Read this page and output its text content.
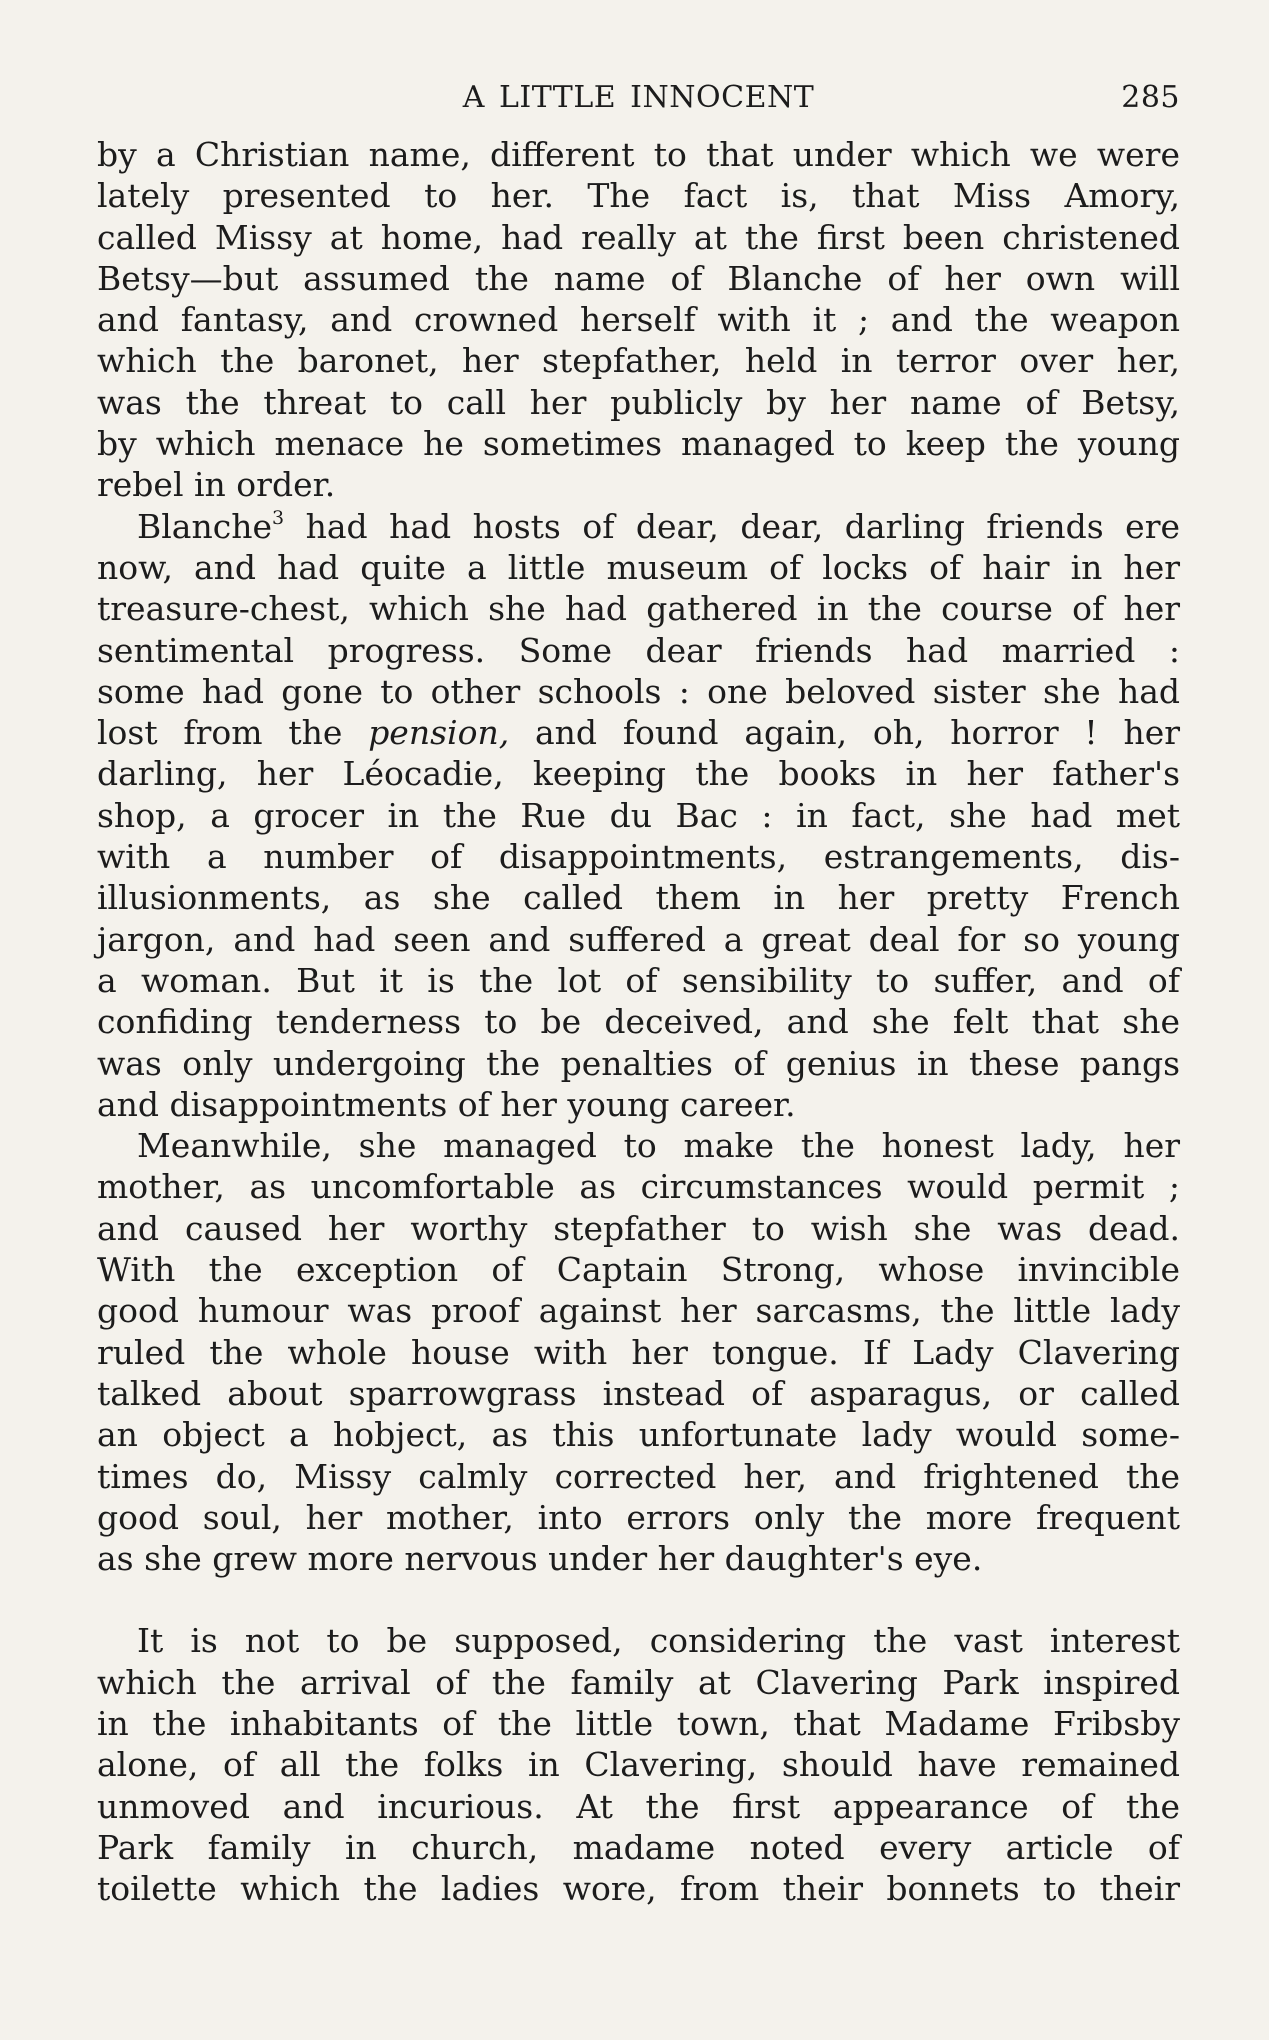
A LITTLE INNOCENT	285
by a Christian name, different to that under which we were
lately presented to her. The fact is, that Miss Amory,
called Missy at home, had really at the first been christened
Betsy—but assumed the name of Blanche of her own will
and fantasy, and crowned herself with it ; and the weapon
which the baronet, her stepfather, held in terror over her,
was the threat to call her publicly by her name of Betsy,
by which menace he sometimes managed to keep the young
rebel in order.
Blanche$^3$ had had hosts of dear, dear, darling friends ere
now, and had quite a little museum of locks of hair in her
treasure-chest, which she had gathered in the course of her
sentimental progress. Some dear friends had married :
some had gone to other schools : one beloved sister she had
lost from the pension, and found again, oh, horror ! her
darling, her Léocadie, keeping the books in her father's
shop, a grocer in the Rue du Bac : in fact, she had met
with a number of disappointments, estrangements, dis-
illusionments, as she called them in her pretty French
jargon, and had seen and suffered a great deal for so young
a woman. But it is the lot of sensibility to suffer, and of
confiding tenderness to be deceived, and she felt that she
was only undergoing the penalties of genius in these pangs
and disappointments of her young career.
Meanwhile, she managed to make the honest lady, her
mother, as uncomfortable as circumstances would permit ;
and caused her worthy stepfather to wish she was dead.
With the exception of Captain Strong, whose invincible
good humour was proof against her sarcasms, the little lady
ruled the whole house with her tongue. If Lady Clavering
talked about sparrowgrass instead of asparagus, or called
an object a hobject, as this unfortunate lady would some-
times do, Missy calmly corrected her, and frightened the
good soul, her mother, into errors only the more frequent
as she grew more nervous under her daughter's eye.
It is not to be supposed, considering the vast interest
which the arrival of the family at Clavering Park inspired
in the inhabitants of the little town, that Madame Fribsby
alone, of all the folks in Clavering, should have remained
unmoved and incurious. At the first appearance of the
Park family in church, madame noted every article of
toilette which the ladies wore, from their bonnets to their
